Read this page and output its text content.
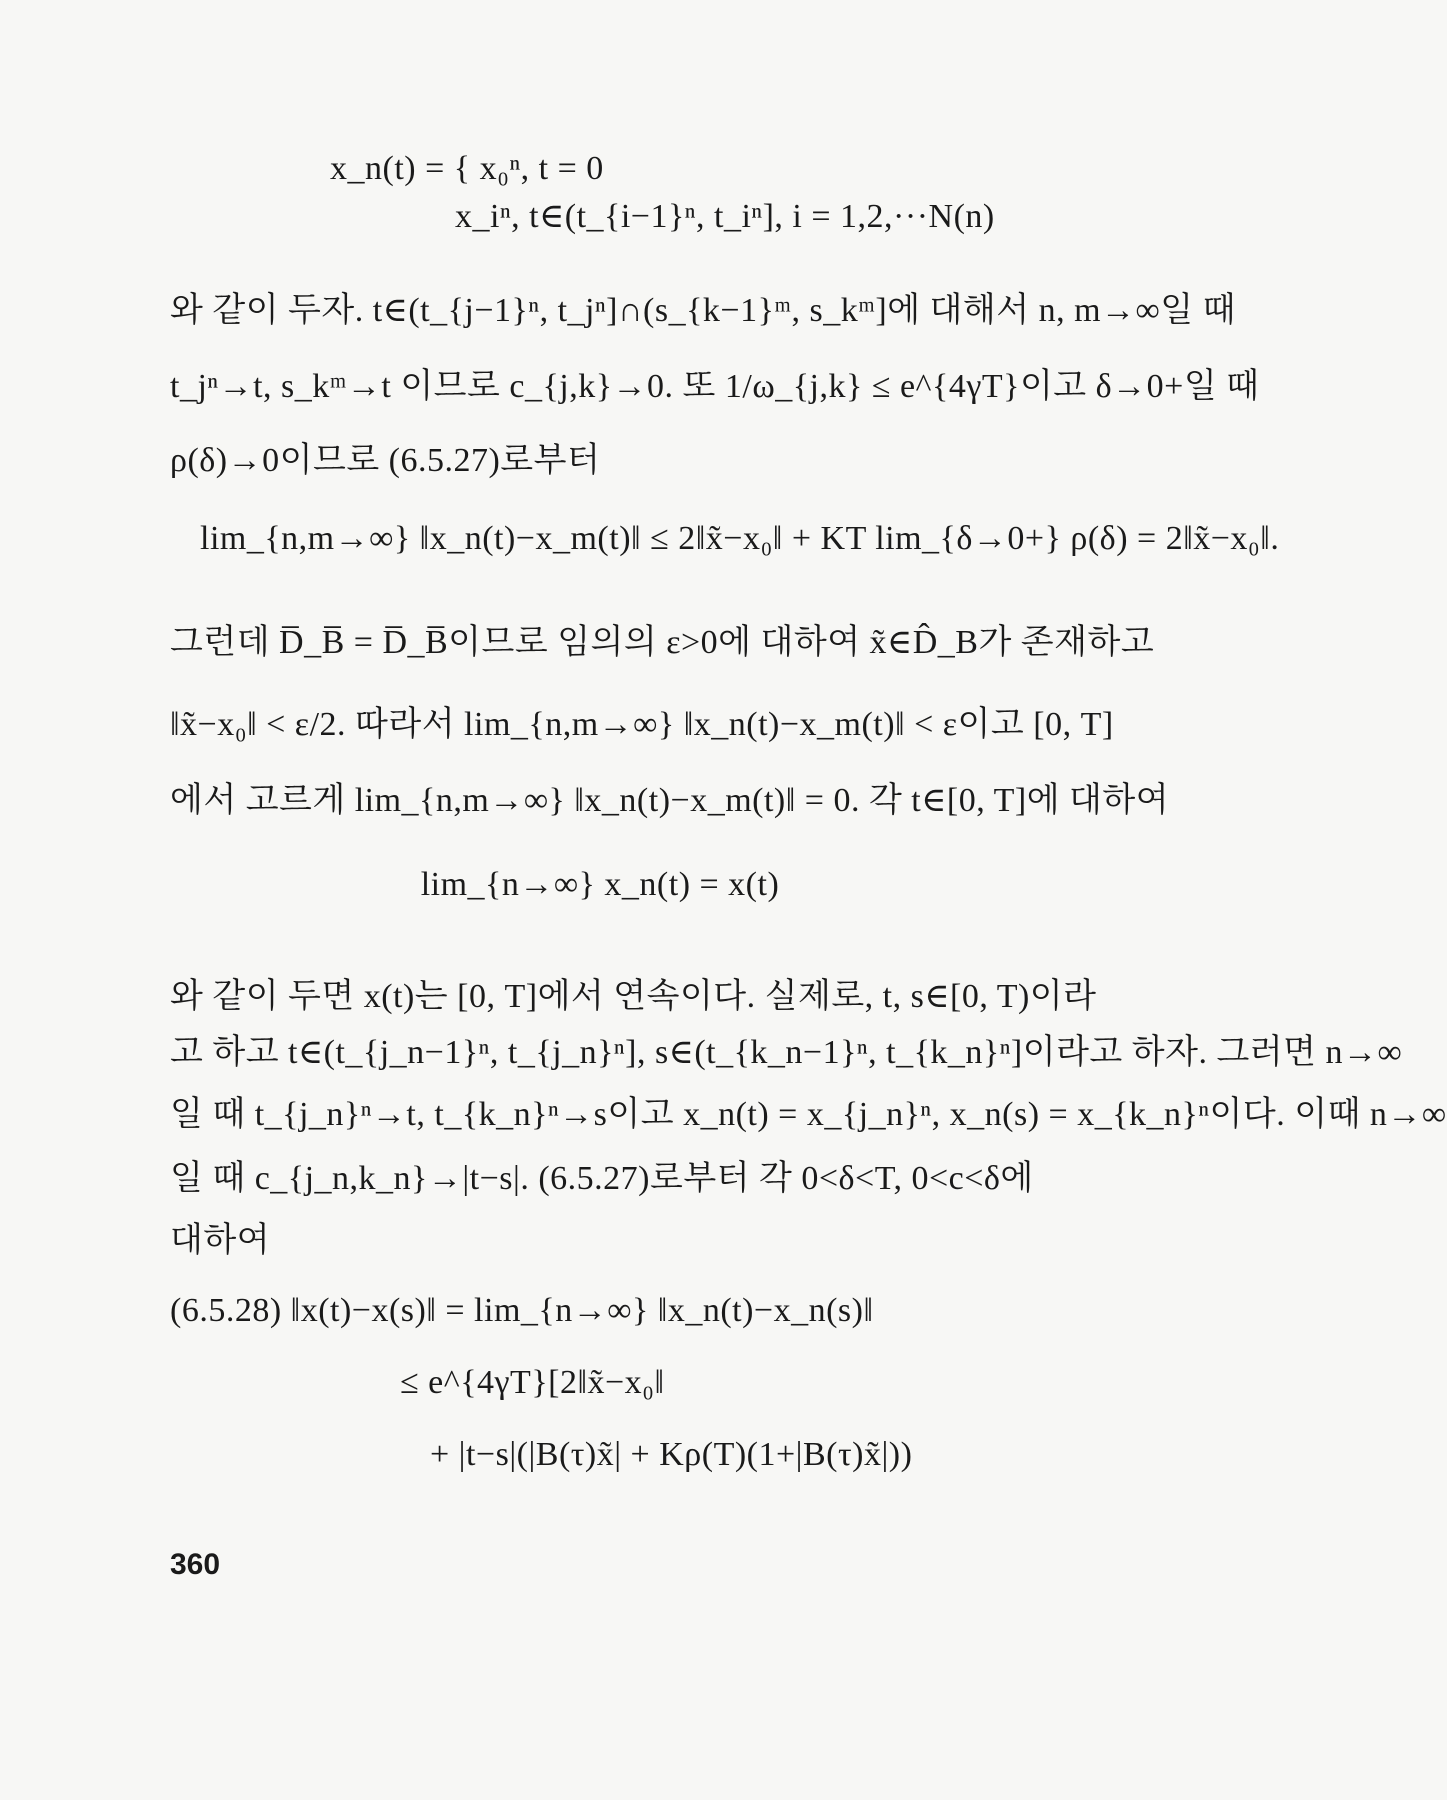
x_n(t) = { x₀ⁿ, t = 0
x_iⁿ, t∈(t_{i−1}ⁿ, t_iⁿ], i = 1,2,···N(n)
와 같이 두자. t∈(t_{j−1}ⁿ, t_jⁿ]∩(s_{k−1}ᵐ, s_kᵐ]에 대해서 n, m→∞일 때
t_jⁿ→t, s_kᵐ→t 이므로 c_{j,k}→0. 또 1/ω_{j,k} ≤ e^{4γT}이고 δ→0+일 때
ρ(δ)→0이므로 (6.5.27)로부터
lim_{n,m→∞} ‖x_n(t)−x_m(t)‖ ≤ 2‖x̃−x₀‖ + KT lim_{δ→0+} ρ(δ) = 2‖x̃−x₀‖.
그런데 D̅_B̅ = D̅_B̅이므로 임의의 ε>0에 대하여 x̃∈D̂_B가 존재하고
‖x̃−x₀‖ < ε/2. 따라서 lim_{n,m→∞} ‖x_n(t)−x_m(t)‖ < ε이고 [0, T]
에서 고르게 lim_{n,m→∞} ‖x_n(t)−x_m(t)‖ = 0. 각 t∈[0, T]에 대하여
lim_{n→∞} x_n(t) = x(t)
와 같이 두면 x(t)는 [0, T]에서 연속이다. 실제로, t, s∈[0, T)이라
고 하고 t∈(t_{j_n−1}ⁿ, t_{j_n}ⁿ], s∈(t_{k_n−1}ⁿ, t_{k_n}ⁿ]이라고 하자. 그러면 n→∞
일 때 t_{j_n}ⁿ→t, t_{k_n}ⁿ→s이고 x_n(t) = x_{j_n}ⁿ, x_n(s) = x_{k_n}ⁿ이다. 이때 n→∞
일 때 c_{j_n,k_n}→|t−s|. (6.5.27)로부터 각 0<δ<T, 0<c<δ에
대하여
(6.5.28) ‖x(t)−x(s)‖ = lim_{n→∞} ‖x_n(t)−x_n(s)‖
≤ e^{4γT}[2‖x̃−x₀‖
+ |t−s|(|B(τ)x̃| + Kρ(T)(1+|B(τ)x̃|))
360
